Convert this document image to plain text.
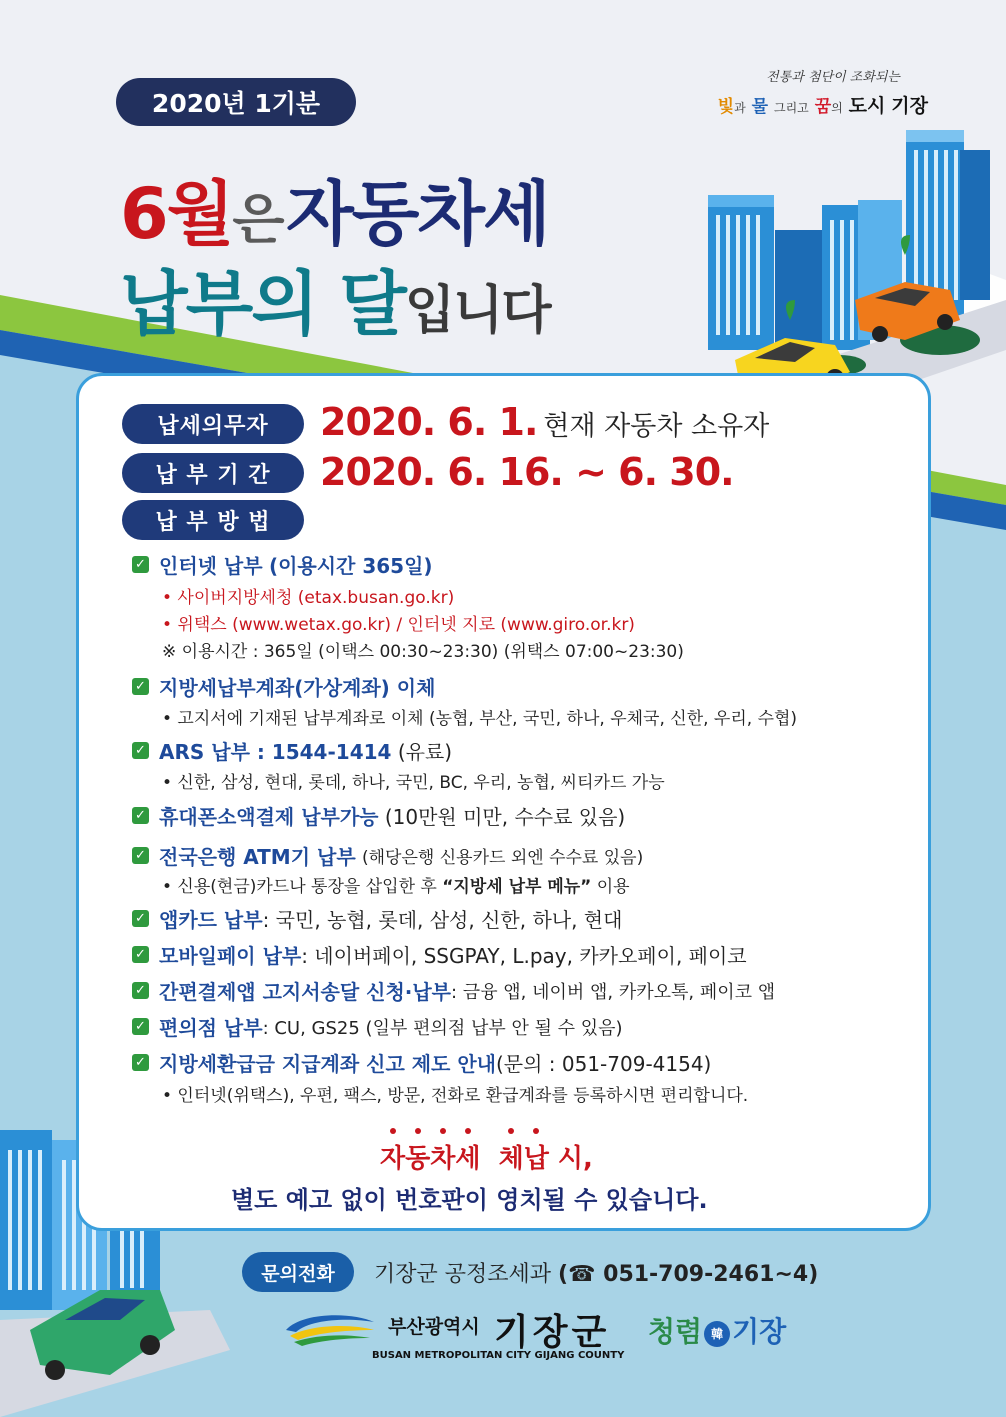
2020년 1기분
전통과 첨단이 조화되는
빛과 물 그리고 꿈의 도시 기장
6월은 자동차세
납부의 달입니다
납세의무자	2020. 6. 1. 현재 자동차 소유자
납 부 기 간	2020. 6. 16. ~ 6. 30.
납 부 방 법
✓ 인터넷 납부
(이용시간 365일)
• 사이버지방세청 (etax.busan.go.kr)
• 위택스 (www.wetax.go.kr) / 인터넷 지로 (www.giro.or.kr)
※ 이용시간 : 365일 (이택스 00:30~23:30) (위택스 07:00~23:30)
✓ 지방세납부계좌(가상계좌) 이체
• 고지서에 기재된 납부계좌로 이체 (농협, 부산, 국민, 하나, 우체국, 신한, 우리, 수협)
✓ ARS 납부 : 1544-1414
(유료)
• 신한, 삼성, 현대, 롯데, 하나, 국민, BC, 우리, 농협, 씨티카드 가능
✓ 휴대폰소액결제 납부가능
(10만원 미만, 수수료 있음)
✓ 전국은행 ATM기 납부
(해당은행 신용카드 외엔 수수료 있음)
• 신용(현금)카드나 통장을 삽입한 후 “지방세 납부 메뉴” 이용
✓ 앱카드 납부 : 국민, 농협, 롯데, 삼성, 신한, 하나, 현대
✓ 모바일페이 납부 : 네이버페이, SSGPAY, L.pay, 카카오페이, 페이코
✓ 간편결제앱 고지서송달 신청·납부 : 금융 앱, 네이버 앱, 카카오톡, 페이코 앱
✓ 편의점 납부 : CU, GS25 (일부 편의점 납부 안 될 수 있음)
✓ 지방세환급금 지급계좌 신고 제도 안내 (문의 : 051-709-4154)
• 인터넷(위택스), 우편, 팩스, 방문, 전화로 환급계좌를 등록하시면 편리합니다.
자동차세 체납 시,
별도 예고 없이 번호판이 영치될 수 있습니다.
문의전화	기장군 공정조세과 (☎ 051-709-2461~4)
부산광역시 기장군
BUSAN METROPOLITAN CITY GIJANG COUNTY
청렴 韓 기장
